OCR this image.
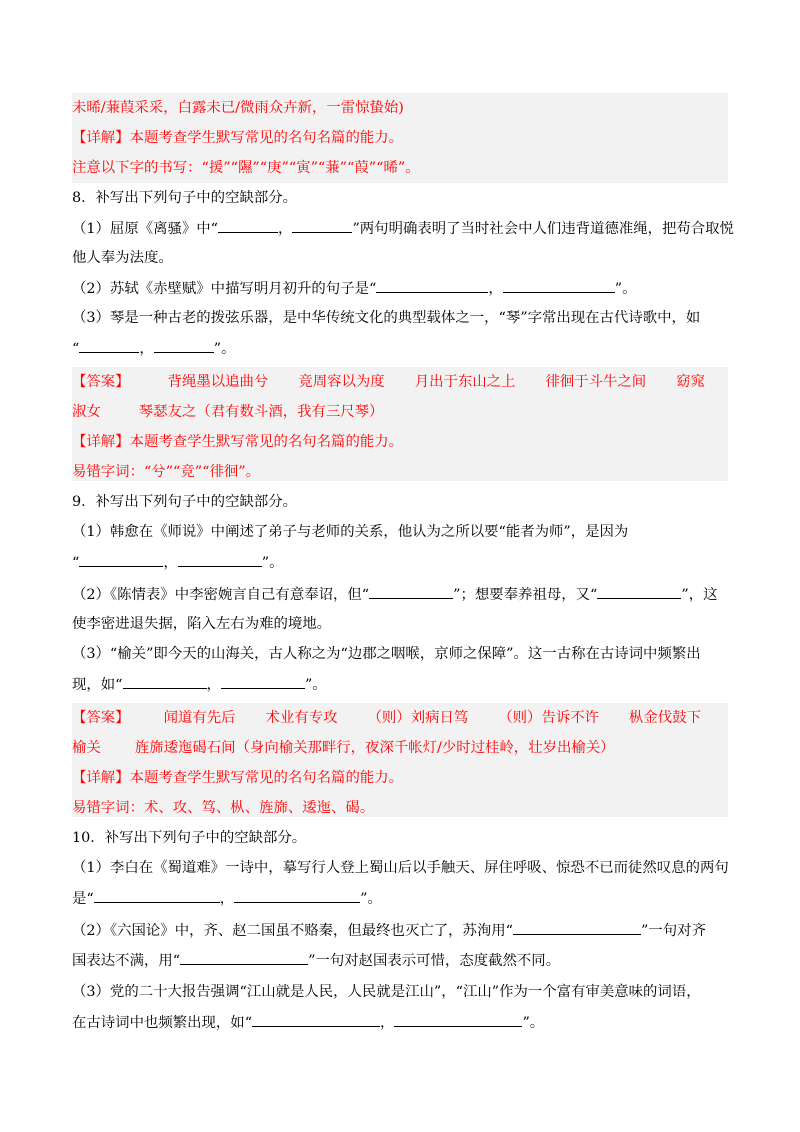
未晞/蒹葭采采，白露未已/微雨众卉新，一雷惊蛰始)
【详解】本题考查学生默写常见的名句名篇的能力。
注意以下字的书写：“援”“隰”“庚”“寅”“蒹”“葭”“晞”。
8．补写出下列句子中的空缺部分。
（1）屈原《离骚》中“	，	”两句明确表明了当时社会中人们违背道德准绳，把苟合取悦
他人奉为法度。
（2）苏轼《赤壁赋》中描写明月初升的句子是“	，	”。
（3）琴是一种古老的拨弦乐器，是中华传统文化的典型载体之一，“琴”字常出现在古代诗歌中，如
“	，	”。
【答案】	背绳墨以追曲兮 竞周容以为度 月出于东山之上 徘徊于斗牛之间 窈窕
淑女	琴瑟友之（君有数斗酒，我有三尺琴）
【详解】本题考查学生默写常见的名句名篇的能力。
易错字词：“兮”“竞”“徘徊”。
9．补写出下列句子中的空缺部分。
（1）韩愈在《师说》中阐述了弟子与老师的关系，他认为之所以要“能者为师”，是因为
“	，	”。
（2）《陈情表》中李密婉言自己有意奉诏，但“	”；想要奉养祖母，又“	”，这
使李密进退失据，陷入左右为难的境地。
（3）“榆关”即今天的山海关，古人称之为“边郡之咽喉，京师之保障”。这一古称在古诗词中频繁出
现，如“	，	”。
【答案】 闻道有先后 术业有专攻 （则）刘病日笃 （则）告诉不许 枞金伐鼓下
榆关 旌旆逶迤碣石间（身向榆关那畔行，夜深千帐灯/少时过桂岭，壮岁出榆关）
【详解】本题考查学生默写常见的名句名篇的能力。
易错字词：术、攻、笃、枞、旌旆、逶迤、碣。
10．补写出下列句子中的空缺部分。
（1）李白在《蜀道难》一诗中，摹写行人登上蜀山后以手触天、屏住呼吸、惊恐不已而徒然叹息的两句
是“	，	”。
（2）《六国论》中，齐、赵二国虽不赂秦，但最终也灭亡了，苏洵用“	”一句对齐
国表达不满，用“	”一句对赵国表示可惜，态度截然不同。
（3）党的二十大报告强调“江山就是人民，人民就是江山”，“江山”作为一个富有审美意味的词语，
在古诗词中也频繁出现，如“	，	”。
